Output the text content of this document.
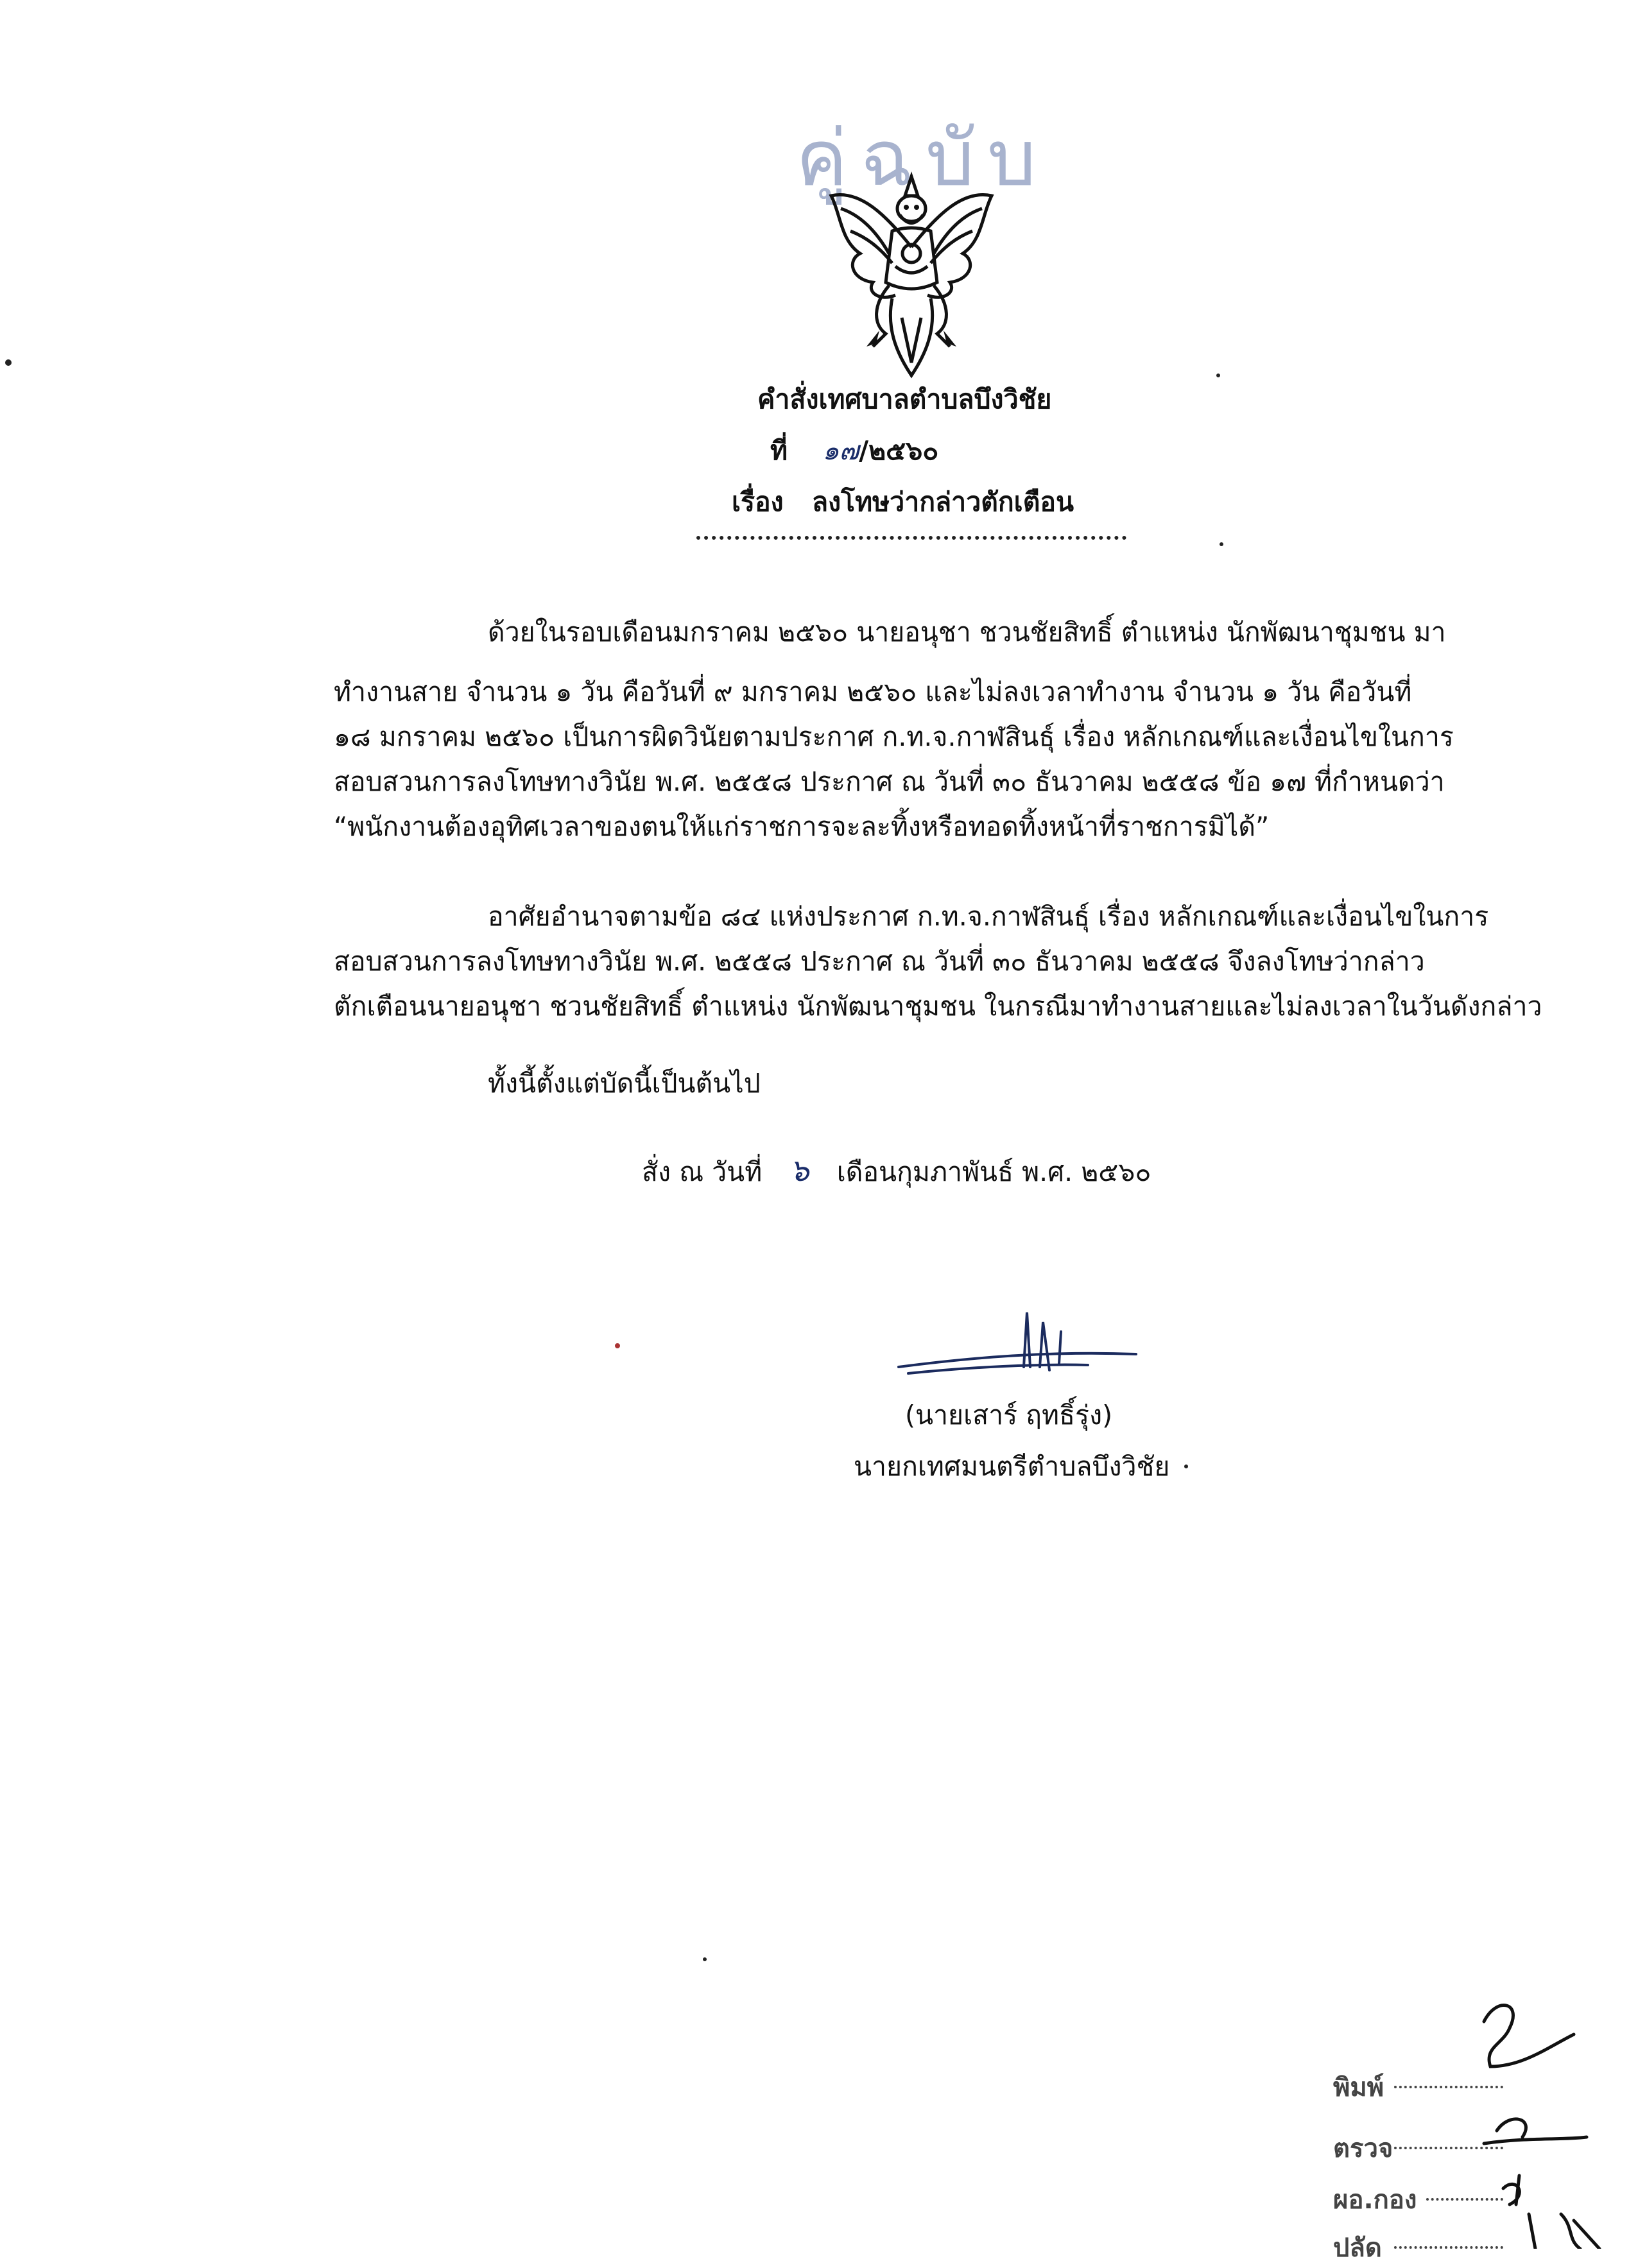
คู่ฉบับ
คำสั่งเทศบาลตำบลบึงวิชัย
ที่ ๑๗/๒๕๖๐
เรื่อง ลงโทษว่ากล่าวตักเตือน
ด้วยในรอบเดือนมกราคม ๒๕๖๐ นายอนุชา ชวนชัยสิทธิ์ ตำแหน่ง นักพัฒนาชุมชน มา
ทำงานสาย จำนวน ๑ วัน คือวันที่ ๙ มกราคม ๒๕๖๐ และไม่ลงเวลาทำงาน จำนวน ๑ วัน คือวันที่
๑๘ มกราคม ๒๕๖๐ เป็นการผิดวินัยตามประกาศ ก.ท.จ.กาฬสินธุ์ เรื่อง หลักเกณฑ์และเงื่อนไขในการ
สอบสวนการลงโทษทางวินัย พ.ศ. ๒๕๕๘ ประกาศ ณ วันที่ ๓๐ ธันวาคม ๒๕๕๘ ข้อ ๑๗ ที่กำหนดว่า
“พนักงานต้องอุทิศเวลาของตนให้แก่ราชการจะละทิ้งหรือทอดทิ้งหน้าที่ราชการมิได้”
อาศัยอำนาจตามข้อ ๘๔ แห่งประกาศ ก.ท.จ.กาฬสินธุ์ เรื่อง หลักเกณฑ์และเงื่อนไขในการ
สอบสวนการลงโทษทางวินัย พ.ศ. ๒๕๕๘ ประกาศ ณ วันที่ ๓๐ ธันวาคม ๒๕๕๘ จึงลงโทษว่ากล่าว
ตักเตือนนายอนุชา ชวนชัยสิทธิ์ ตำแหน่ง นักพัฒนาชุมชน ในกรณีมาทำงานสายและไม่ลงเวลาในวันดังกล่าว
ทั้งนี้ตั้งแต่บัดนี้เป็นต้นไป
สั่ง ณ วันที่ ๖ เดือนกุมภาพันธ์ พ.ศ. ๒๕๖๐
(นายเสาร์ ฤทธิ์รุ่ง)
นายกเทศมนตรีตำบลบึงวิชัย
พิมพ์
ตรวจ
ผอ.กอง
ปลัด
